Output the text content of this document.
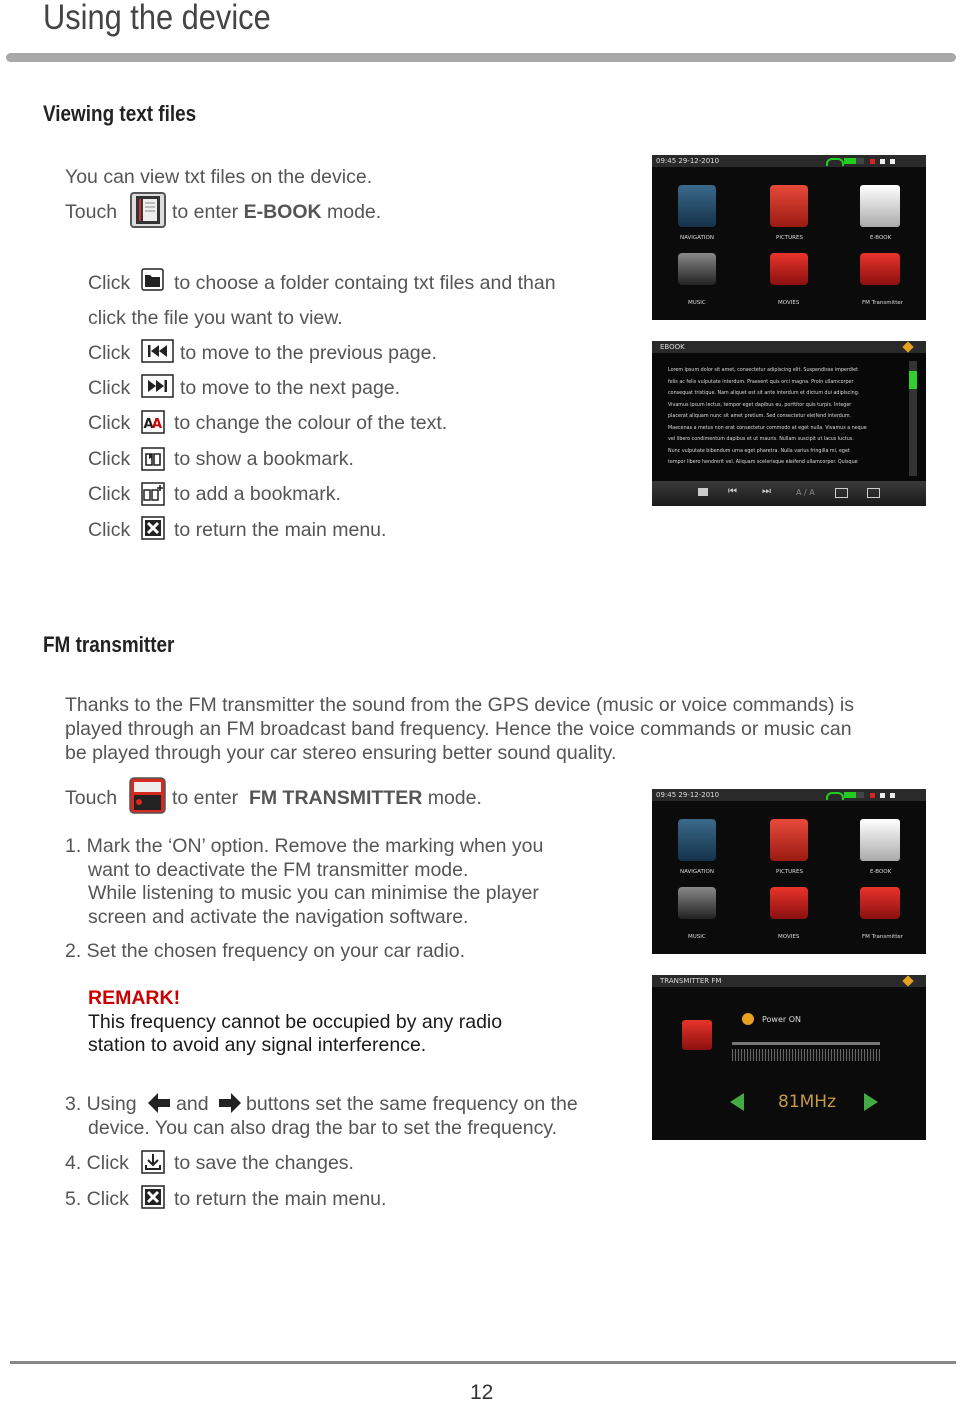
Using the device
Viewing text files
You can view txt files on the device.
Touch	to enter E-BOOK mode.
Click to choose a folder containg txt files and than
click the file you want to view.
Click	to move to the previous page.
Click	to move to the next page.
Click A
A to change the colour of the text.
Click to show a bookmark.
Click to add a bookmark.
Click to return the main menu.
09:45 29-12-2010
NAVIGATION	PICTURES	E-BOOK
MUSIC	MOVIES	FM Transmitter
EBOOK
Lorem ipsum dolor sit amet, consectetur adipiscing elit. Suspendisse imperdiet
felis ac felis vulputate interdum. Praesent quis orci magna. Proin ullamcorper
consequat tristique. Nam aliquet est sit ante interdum et dictum dui adipiscing.
Vivamus ipsum lectus, tempor eget dapibus eu, porttitor quis turpis. Integer
placerat aliquam nunc sit amet pretium. Sed consectetur eleifend interdum.
Maecenas a metus non erat consectetur commodo at eget nulla. Vivamus a neque
vel libero condimentum dapibus et ut mauris. Nullam suscipit ut lacus luctus.
Nunc vulputate bibendum urna eget pharetra. Nulla varius fringilla mi, eget
tempor libero hendrerit vel. Aliquam scelerisque eleifend ullamcorper. Quisque
⏮	⏭	A / A
FM transmitter
Thanks to the FM transmitter the sound from the GPS device (music or voice commands) is
played through an FM broadcast band frequency. Hence the voice commands or music can
be played through your car stereo ensuring better sound quality.
Touch	to enter FM TRANSMITTER mode.
1. Mark the ‘ON’ option. Remove the marking when you
want to deactivate the FM transmitter mode.
While listening to music you can minimise the player
screen and activate the navigation software.
2. Set the chosen frequency on your car radio.
REMARK!
This frequency cannot be occupied by any radio
station to avoid any signal interference.
3. Using and buttons set the same frequency on the
device. You can also drag the bar to set the frequency.
4. Click to save the changes.
5. Click to return the main menu.
09:45 29-12-2010
NAVIGATION	PICTURES	E-BOOK
MUSIC	MOVIES	FM Transmitter
TRANSMITTER FM
Power ON
81MHz
12
